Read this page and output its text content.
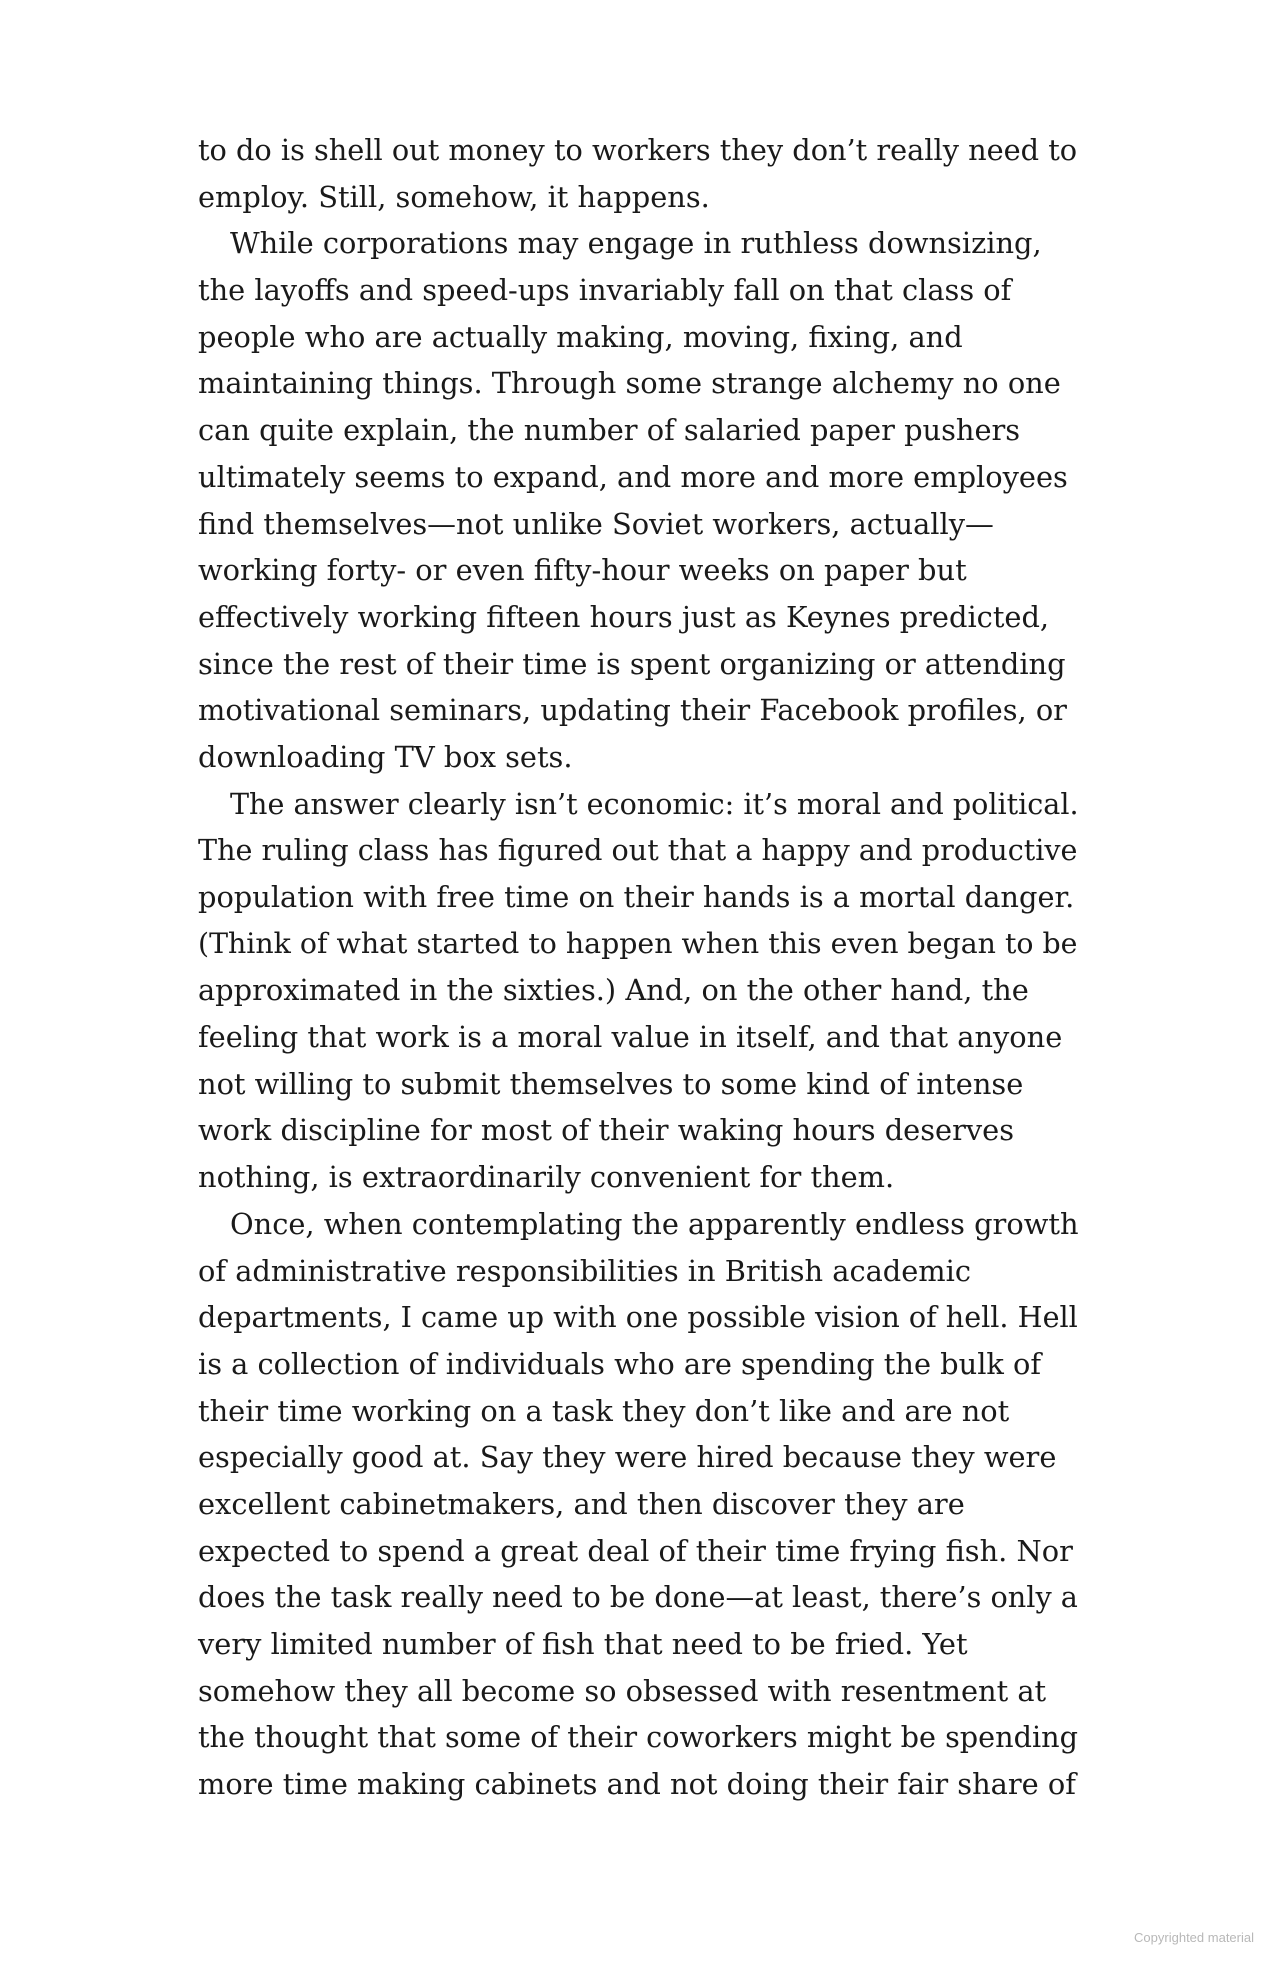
to do is shell out money to workers they don’t really need to
employ. Still, somehow, it happens.
While corporations may engage in ruthless downsizing,
the layoffs and speed-ups invariably fall on that class of
people who are actually making, moving, fixing, and
maintaining things. Through some strange alchemy no one
can quite explain, the number of salaried paper pushers
ultimately seems to expand, and more and more employees
find themselves—not unlike Soviet workers, actually—
working forty- or even fifty-hour weeks on paper but
effectively working fifteen hours just as Keynes predicted,
since the rest of their time is spent organizing or attending
motivational seminars, updating their Facebook profiles, or
downloading TV box sets.
The answer clearly isn’t economic: it’s moral and political.
The ruling class has figured out that a happy and productive
population with free time on their hands is a mortal danger.
(Think of what started to happen when this even began to be
approximated in the sixties.) And, on the other hand, the
feeling that work is a moral value in itself, and that anyone
not willing to submit themselves to some kind of intense
work discipline for most of their waking hours deserves
nothing, is extraordinarily convenient for them.
Once, when contemplating the apparently endless growth
of administrative responsibilities in British academic
departments, I came up with one possible vision of hell. Hell
is a collection of individuals who are spending the bulk of
their time working on a task they don’t like and are not
especially good at. Say they were hired because they were
excellent cabinetmakers, and then discover they are
expected to spend a great deal of their time frying fish. Nor
does the task really need to be done—at least, there’s only a
very limited number of fish that need to be fried. Yet
somehow they all become so obsessed with resentment at
the thought that some of their coworkers might be spending
more time making cabinets and not doing their fair share of
Copyrighted material
